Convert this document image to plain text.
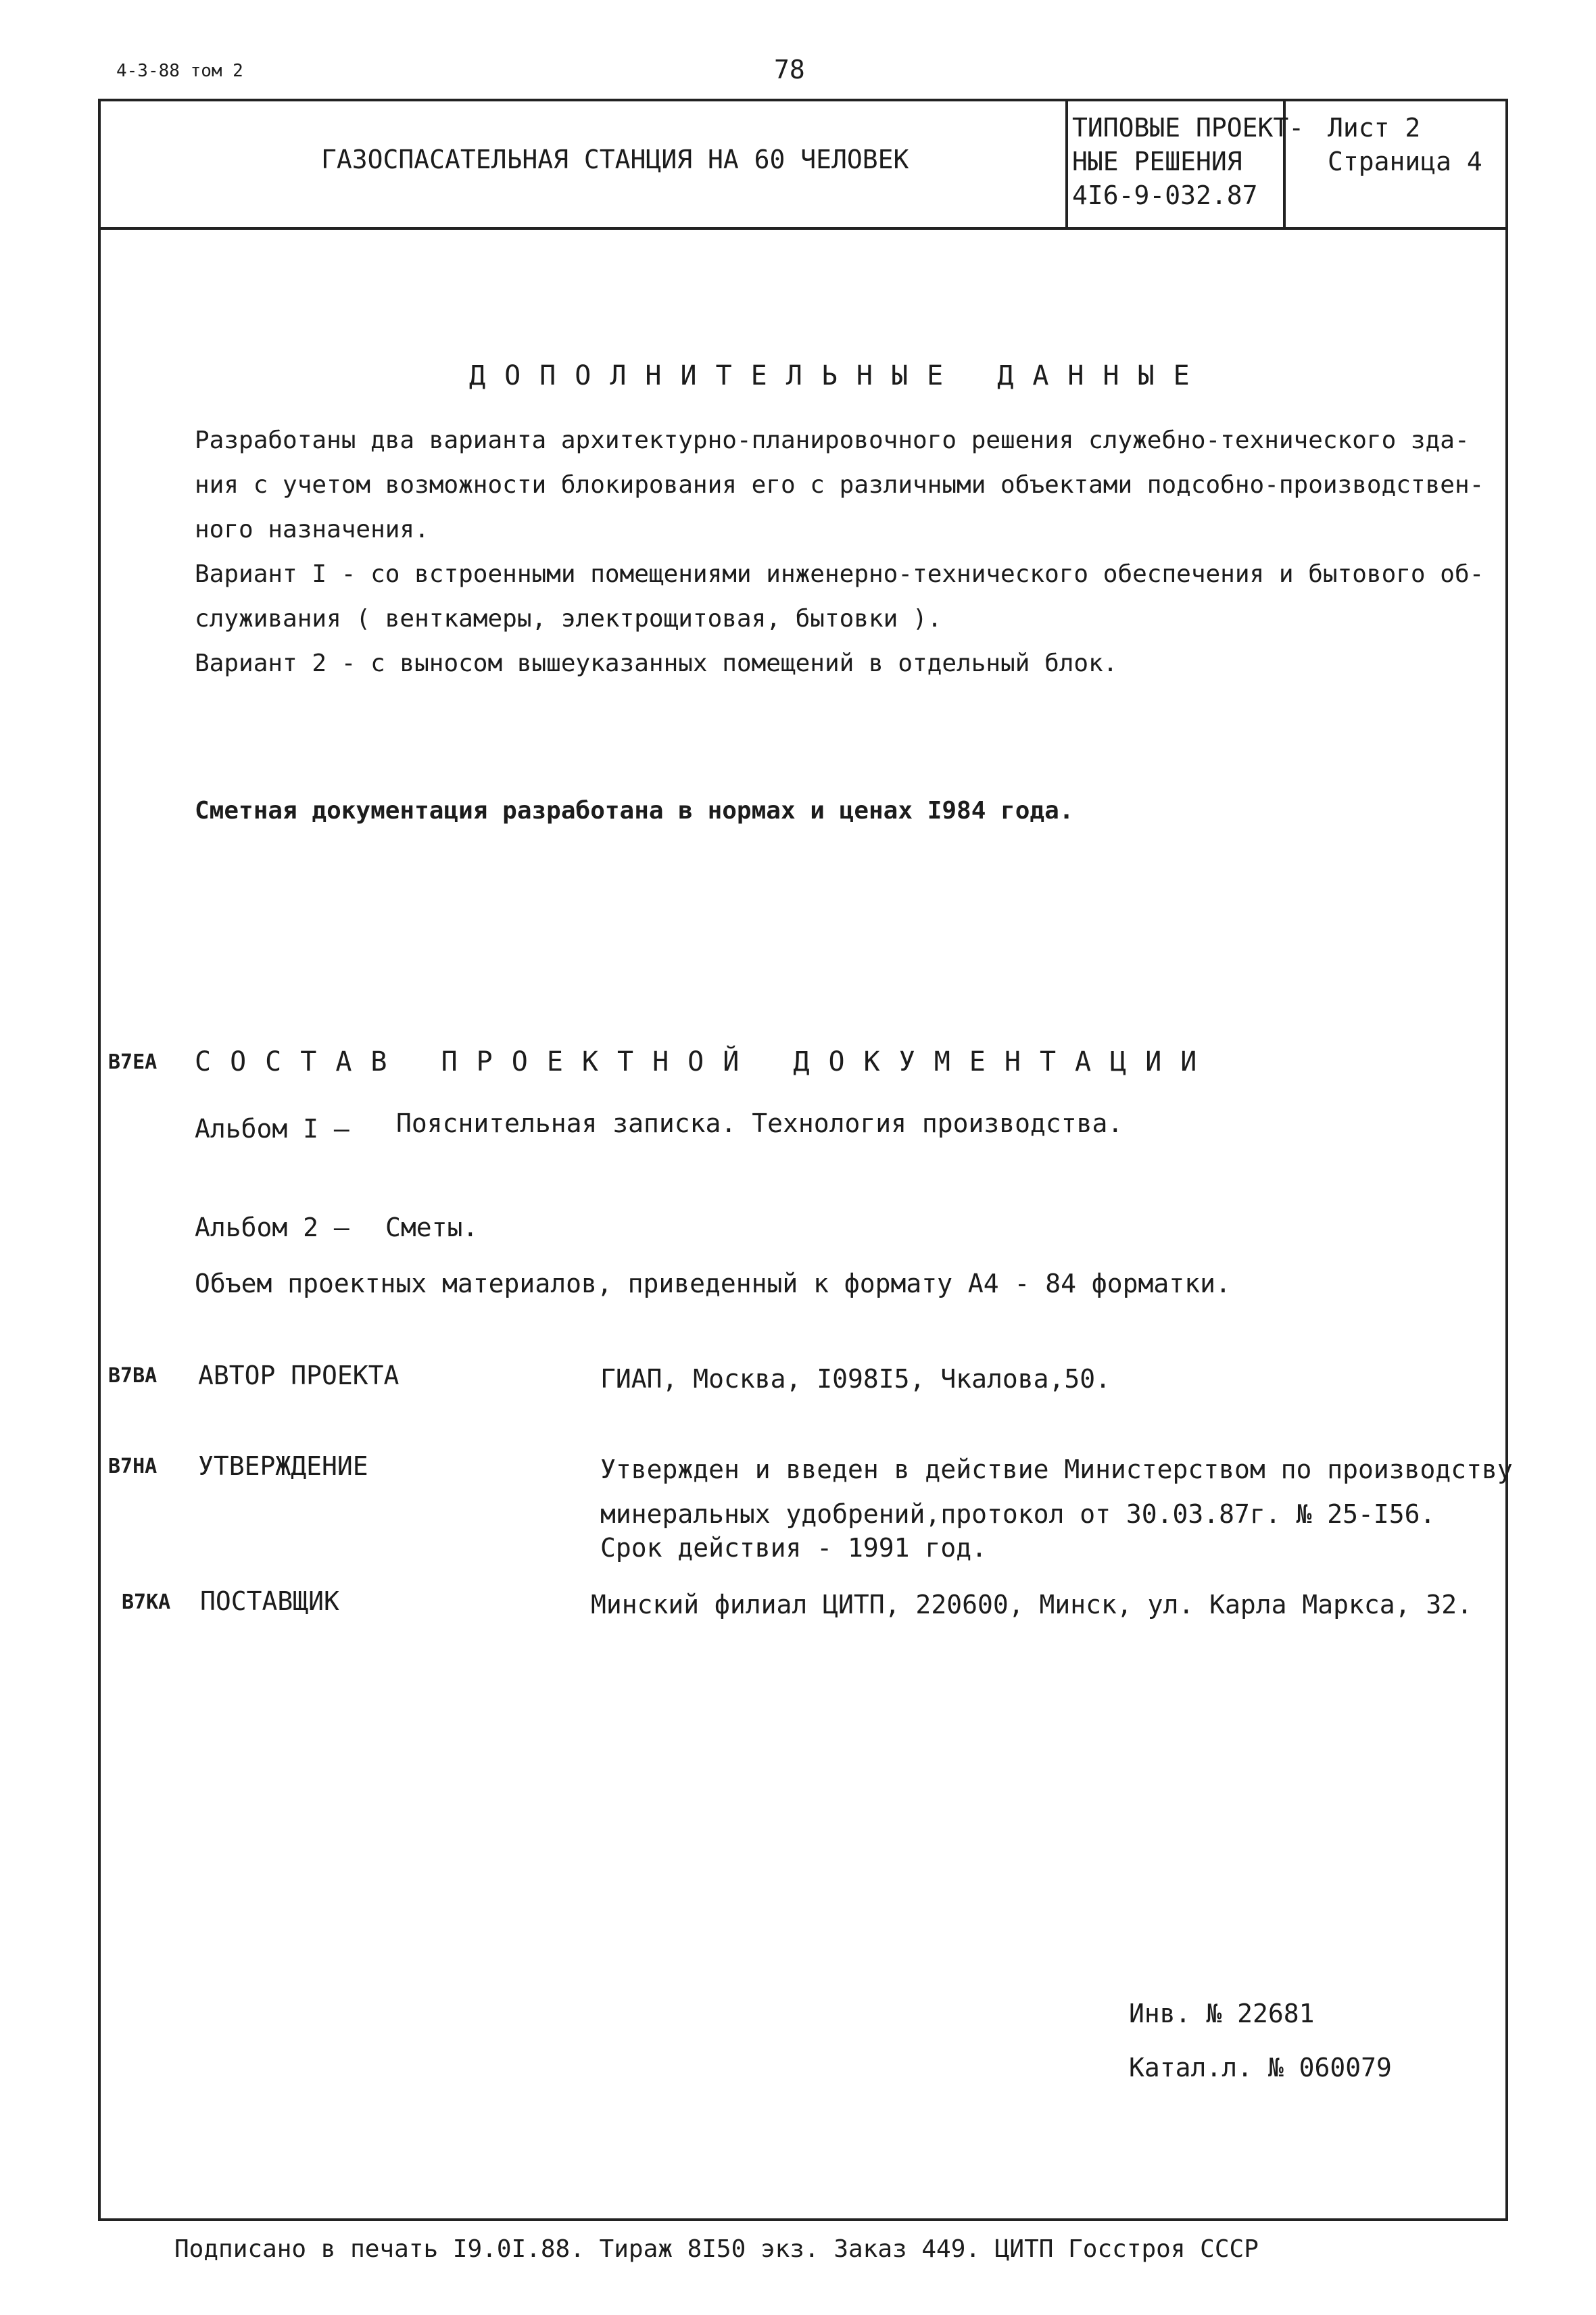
4-3-88 том 2	78
ГАЗОСПАСАТЕЛЬНАЯ СТАНЦИЯ НА 60 ЧЕЛОВЕК
ТИПОВЫЕ ПРОЕКТ-
НЫЕ РЕШЕНИЯ
4I6-9-032.87
Лист 2
Страница 4
ДОПОЛНИТЕЛЬНЫЕ ДАННЫЕ
Разработаны два варианта архитектурно-планировочного решения служебно-технического зда-
ния с учетом возможности блокирования его с различными объектами подсобно-производствен-
ного назначения.
Вариант I - со встроенными помещениями инженерно-технического обеспечения и бытового об-
служивания ( венткамеры, электрощитовая, бытовки ).
Вариант 2 - с выносом вышеуказанных помещений в отдельный блок.
Сметная документация разработана в нормах и ценах I984 года.
В7ЕА СОСТАВ ПРОЕКТНОЙ ДОКУМЕНТАЦИИ
Альбом I — Пояснительная записка. Технология производства.
Альбом 2 — Сметы.
Объем проектных материалов, приведенный к формату А4 - 84 форматки.
В7ВА АВТОР ПРОЕКТА	ГИАП, Москва, I098I5, Чкалова,50.
В7НА УТВЕРЖДЕНИЕ	Утвержден и введен в действие Министерством по производству
минеральных удобрений,протокол от 30.03.87г. № 25-I56.
Срок действия - 1991 год.
В7КА ПОСТАВЩИК	Минский филиал ЦИТП, 220600, Минск, ул. Карла Маркса, 32.
Инв. № 22681
Катал.л. № 060079
Подписано в печать I9.0I.88. Тираж 8I50 экз. Заказ 449. ЦИТП Госстроя СССР
